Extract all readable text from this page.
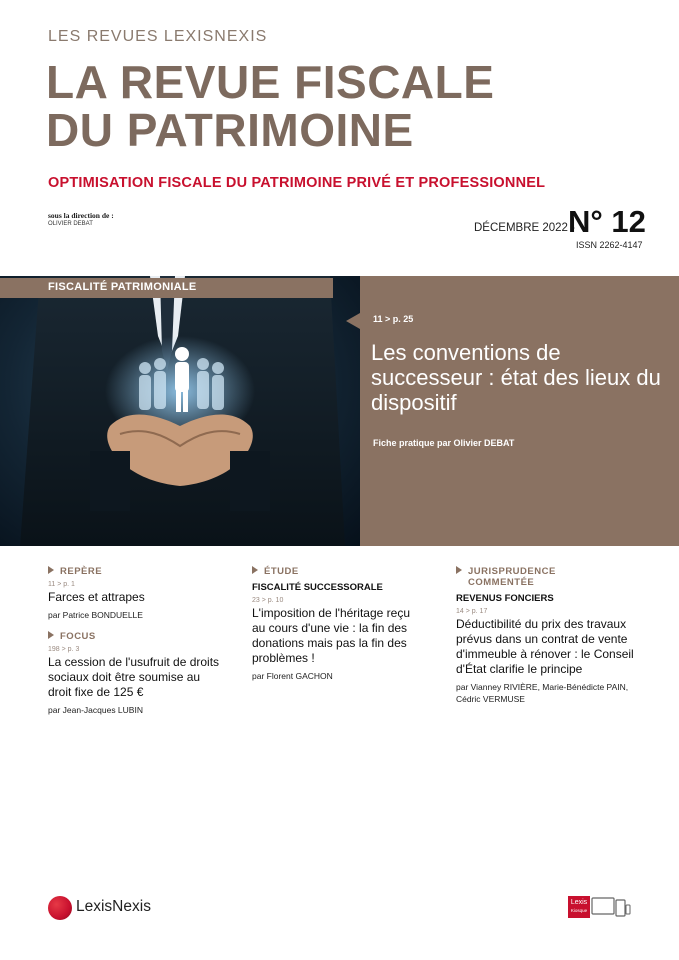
LES REVUES LEXISNEXIS
LA REVUE FISCALE
DU PATRIMOINE
OPTIMISATION FISCALE DU PATRIMOINE PRIVÉ ET PROFESSIONNEL
sous la direction de :
OLIVIER DEBAT	DÉCEMBRE 2022 -
N° 12
ISSN 2262-4147
FISCALITÉ PATRIMONIALE
11 > p. 25
Les conventions de successeur : état des lieux du dispositif
Fiche pratique par Olivier DEBAT
REPÈRE
11 > p. 1
Farces et attrapes
par Patrice BONDUELLE
FOCUS
198 > p. 3
La cession de l'usufruit de droits sociaux doit être soumise au droit fixe de 125 €
par Jean-Jacques LUBIN
ÉTUDE
FISCALITÉ SUCCESSORALE
23 > p. 10
L'imposition de l'héritage reçu au cours d'une vie : la fin des donations mais pas la fin des problèmes !
par Florent GACHON
JURISPRUDENCE
COMMENTÉE
REVENUS FONCIERS
14 > p. 17
Déductibilité du prix des travaux prévus dans un contrat de vente d'immeuble à rénover : le Conseil d'État clarifie le principe
par Vianney RIVIÈRE, Marie-Bénédicte PAIN, Cédric VERMUSE
LexisNexis	Lexis
Kiosque
